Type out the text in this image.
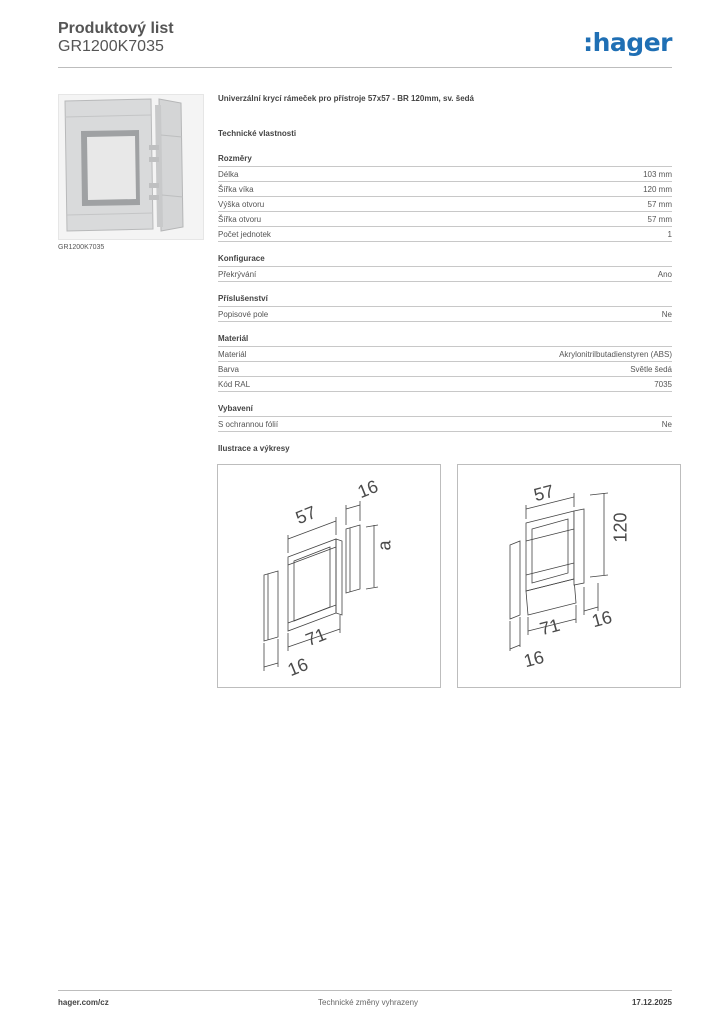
Produktový list
GR1200K7035	:hager
GR1200K7035
Univerzální krycí rámeček pro přístroje 57x57 - BR 120mm, sv. šedá
Technické vlastnosti
Rozměry
Délka	103 mm
Šířka víka	120 mm
Výška otvoru	57 mm
Šířka otvoru	57 mm
Počet jednotek	1
Konfigurace
Překrývání	Ano
Příslušenství
Popisové pole	Ne
Materiál
Materiál	Akrylonitrilbutadienstyren (ABS)
Barva	Světle šedá
Kód RAL	7035
Vybavení
S ochrannou fólií	Ne
Ilustrace a výkresy
57
16
a
71
16
57
120
71 16
16
hager.com/cz	Technické změny vyhrazeny	17.12.2025
